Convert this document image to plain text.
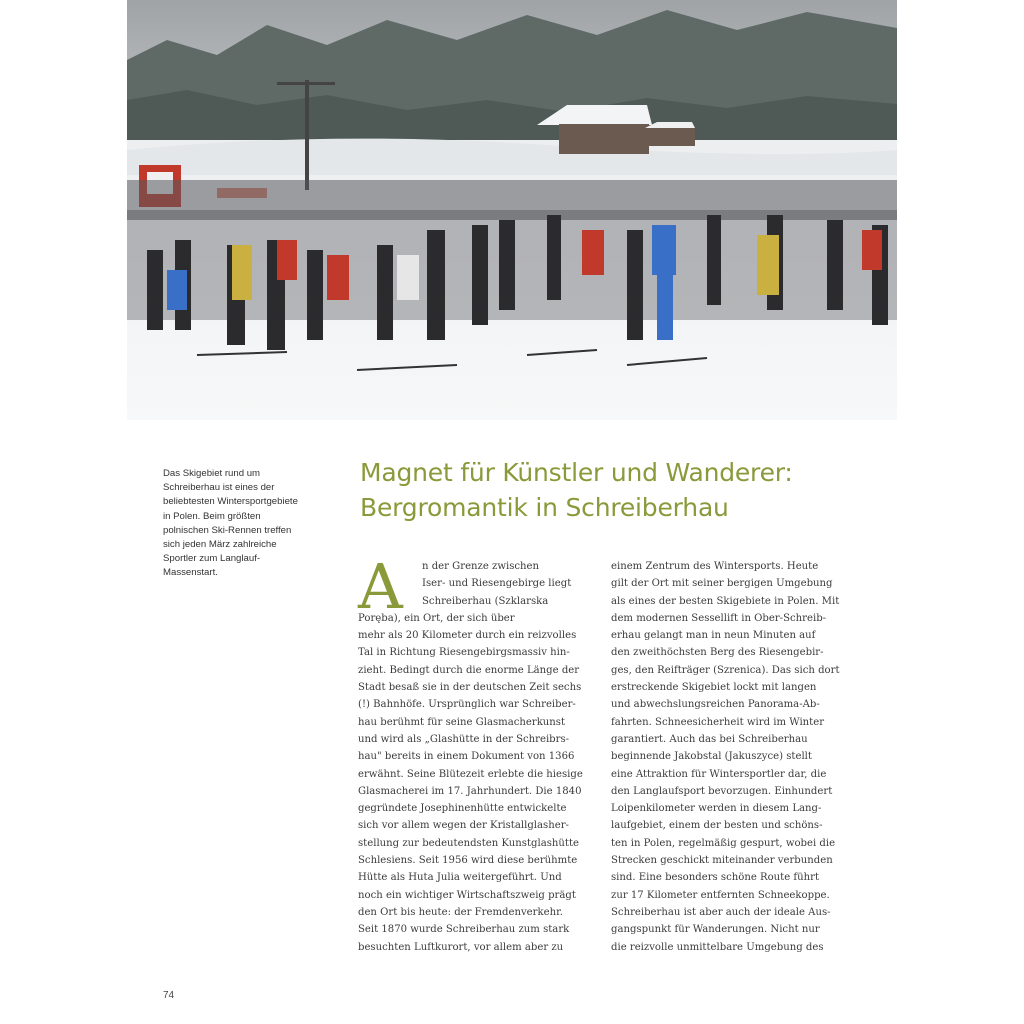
Das Skigebiet rund um
Schreiberhau ist eines der
beliebtesten Wintersportgebiete
in Polen. Beim größten
polnischen Ski-Rennen treffen
sich jeden März zahlreiche
Sportler zum Langlauf-
Massenstart.
Magnet für Künstler und Wanderer:
Bergromantik in Schreiberhau
A	n der Grenze zwischen
Iser- und Riesengebirge liegt
Schreiberhau (Szklarska
Poręba), ein Ort, der sich über
mehr als 20 Kilometer durch ein reizvolles
Tal in Richtung Riesengebirgsmassiv hin-
zieht. Bedingt durch die enorme Länge der
Stadt besaß sie in der deutschen Zeit sechs
(!) Bahnhöfe. Ursprünglich war Schreiber-
hau berühmt für seine Glasmacherkunst
und wird als „Glashütte in der Schreibrs-
hau" bereits in einem Dokument von 1366
erwähnt. Seine Blütezeit erlebte die hiesige
Glasmacherei im 17. Jahrhundert. Die 1840
gegründete Josephinenhütte entwickelte
sich vor allem wegen der Kristallglasher-
stellung zur bedeutendsten Kunstglashütte
Schlesiens. Seit 1956 wird diese berühmte
Hütte als Huta Julia weitergeführt. Und
noch ein wichtiger Wirtschaftszweig prägt
den Ort bis heute: der Fremdenverkehr.
Seit 1870 wurde Schreiberhau zum stark
besuchten Luftkurort, vor allem aber zu
einem Zentrum des Wintersports. Heute
gilt der Ort mit seiner bergigen Umgebung
als eines der besten Skigebiete in Polen. Mit
dem modernen Sessellift in Ober-Schreib-
erhau gelangt man in neun Minuten auf
den zweithöchsten Berg des Riesengebir-
ges, den Reifträger (Szrenica). Das sich dort
erstreckende Skigebiet lockt mit langen
und abwechslungsreichen Panorama-Ab-
fahrten. Schneesicherheit wird im Winter
garantiert. Auch das bei Schreiberhau
beginnende Jakobstal (Jakuszyce) stellt
eine Attraktion für Wintersportler dar, die
den Langlaufsport bevorzugen. Einhundert
Loipenkilometer werden in diesem Lang-
laufgebiet, einem der besten und schöns-
ten in Polen, regelmäßig gespurt, wobei die
Strecken geschickt miteinander verbunden
sind. Eine besonders schöne Route führt
zur 17 Kilometer entfernten Schneekoppe.
Schreiberhau ist aber auch der ideale Aus-
gangspunkt für Wanderungen. Nicht nur
die reizvolle unmittelbare Umgebung des
74
